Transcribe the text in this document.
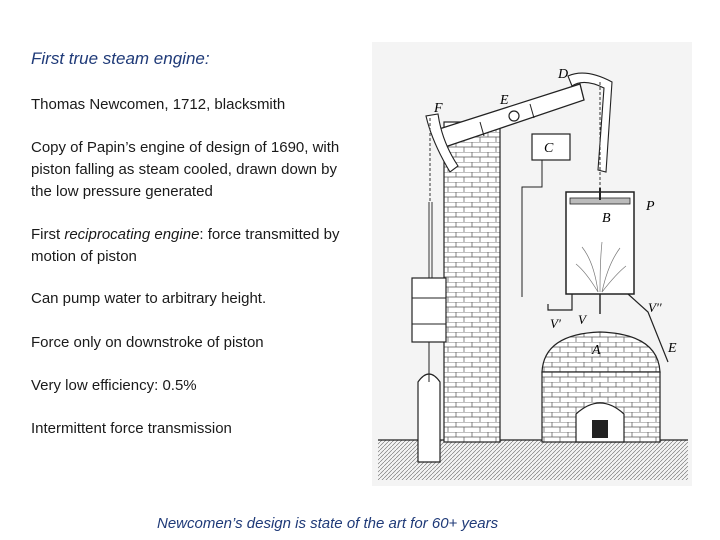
First true steam engine:

Thomas Newcomen, 1712, blacksmith

Copy of Papin’s engine of design of 1690, with piston falling as steam cooled, drawn down by the low pressure generated

First reciprocating engine: force transmitted by motion of piston

Can pump water to arbitrary height.

Force only on downstroke of piston

Very low efficiency: 0.5%

Intermittent force transmission

D
E
F
C
B
P
V′ V
V′′
A	E

Newcomen’s design is state of the art for 60+ years
